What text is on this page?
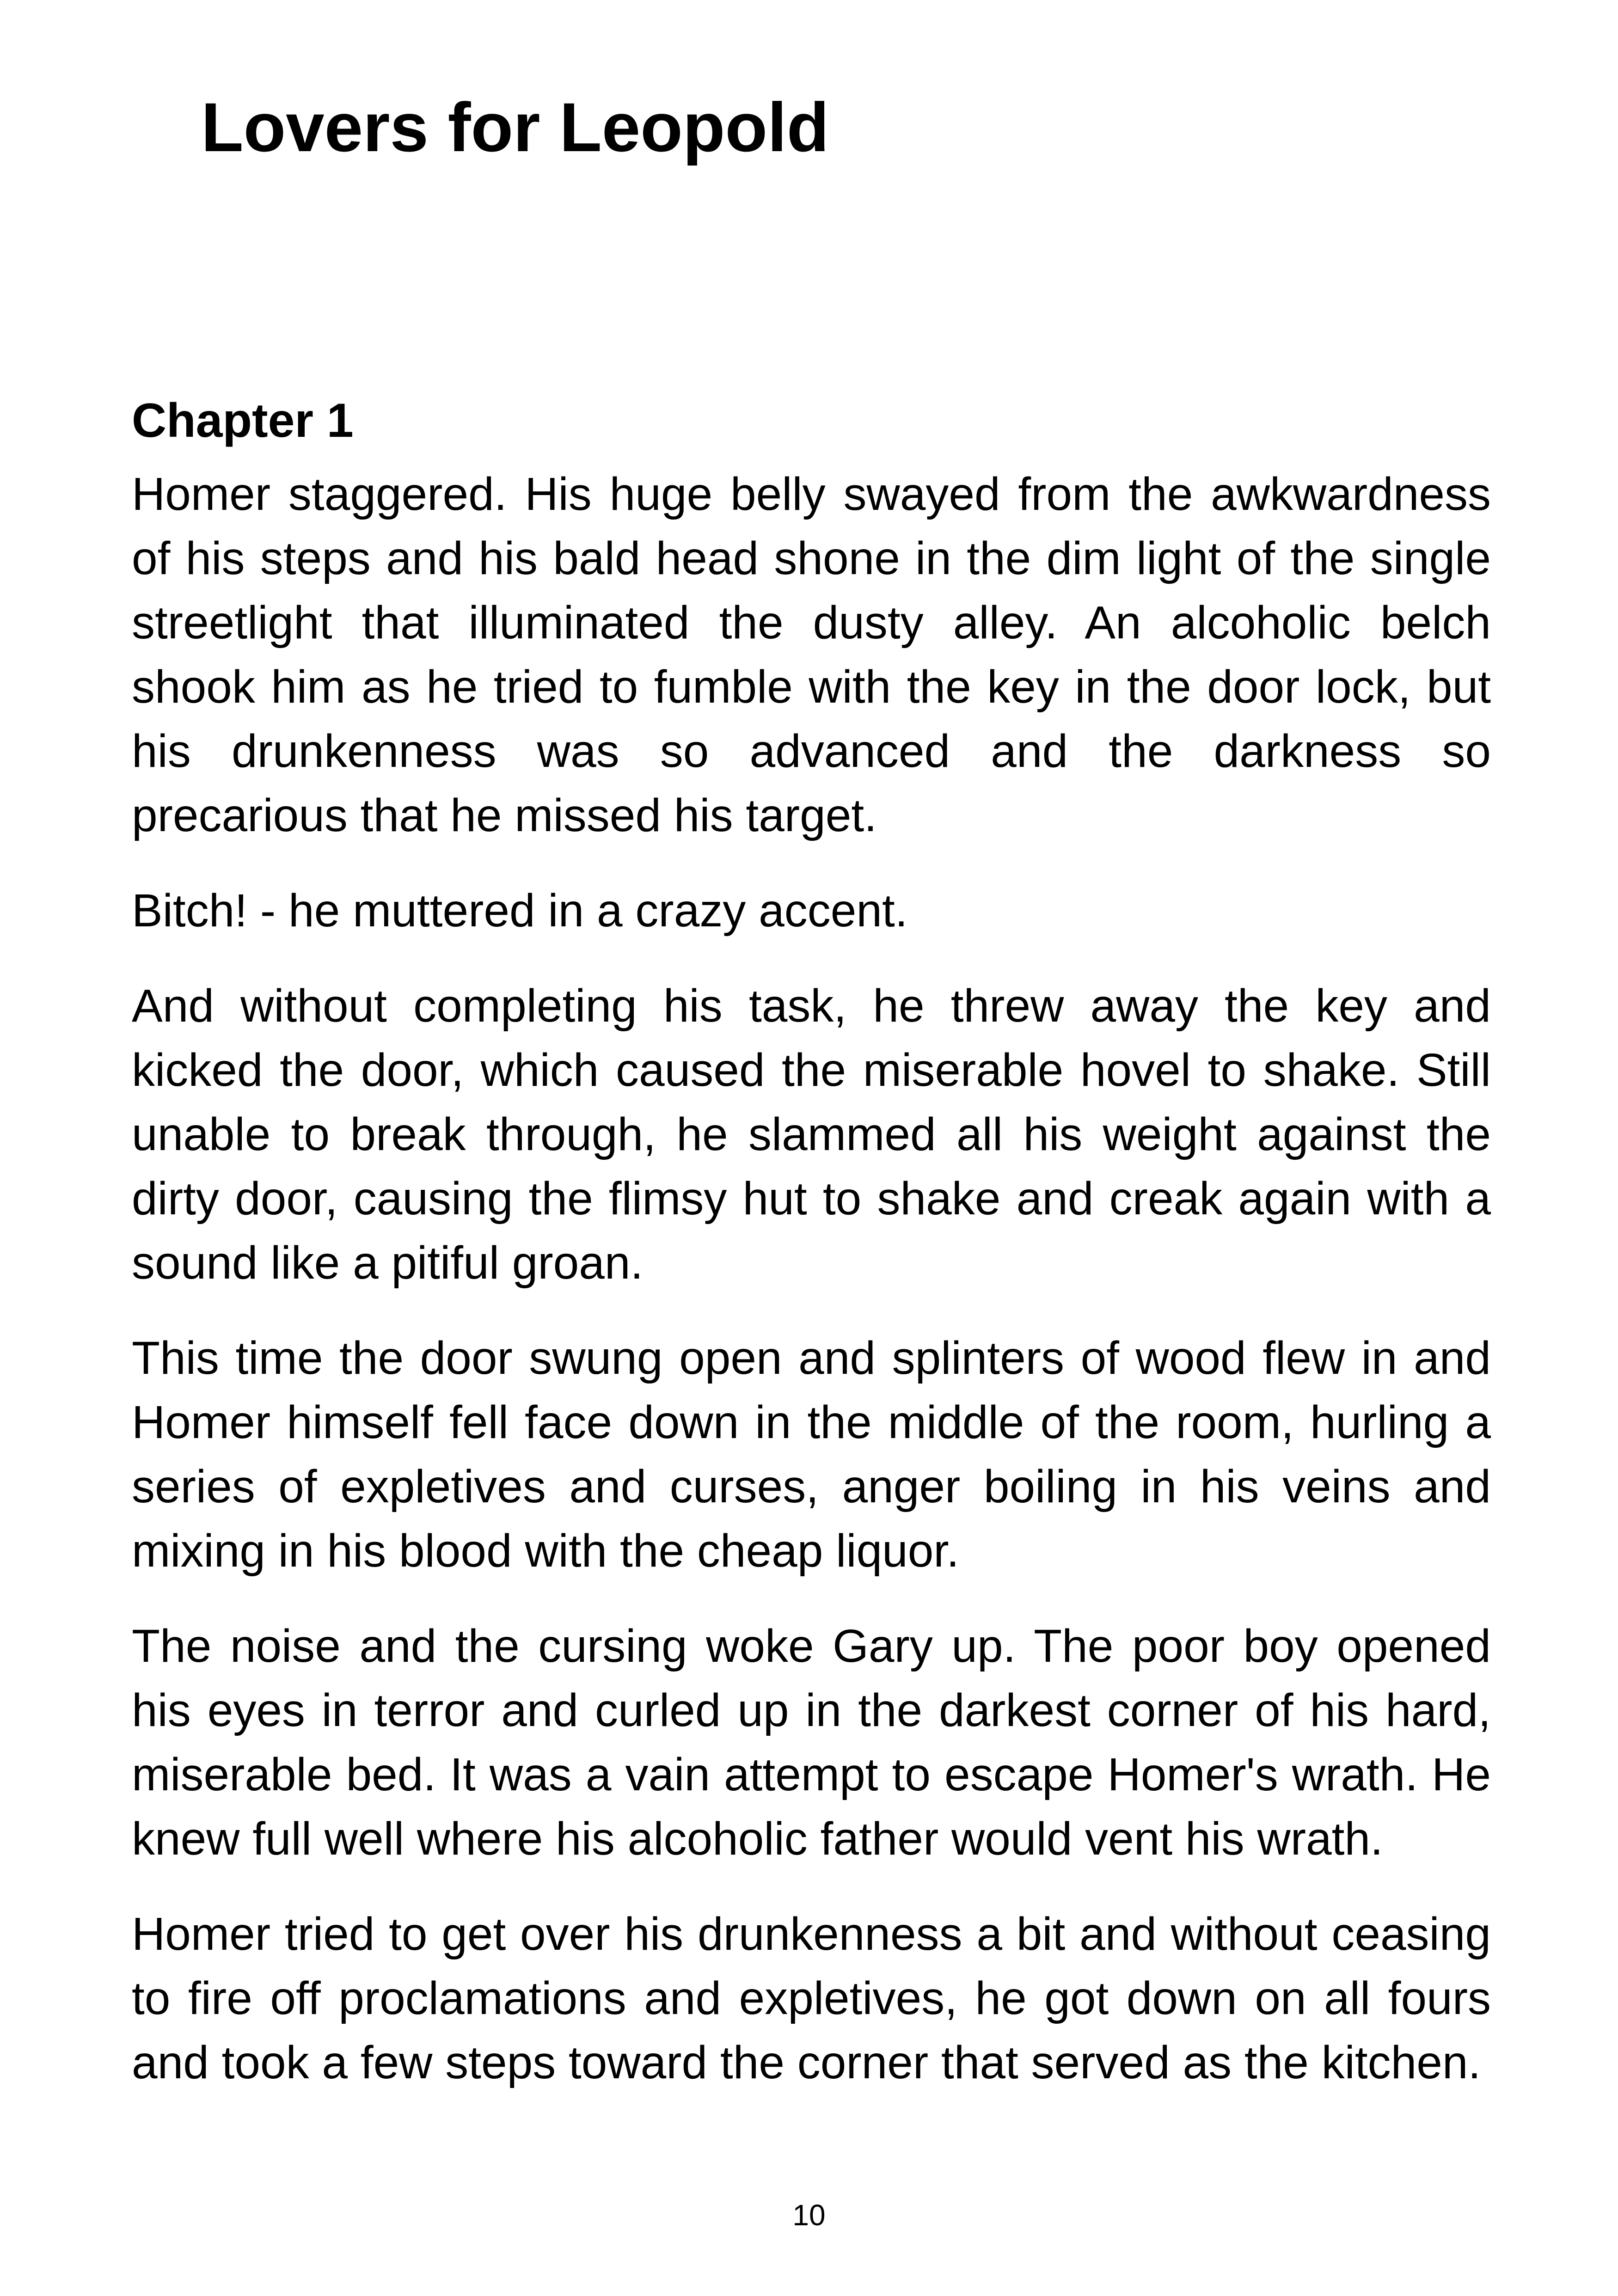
Lovers for Leopold
Chapter 1

Homer staggered. His huge belly swayed from the awkwardness of his steps and his bald head shone in the dim light of the single streetlight that illuminated the dusty alley. An alcoholic belch shook him as he tried to fumble with the key in the door lock, but his drunkenness was so advanced and the darkness so precarious that he missed his target.

Bitch! - he muttered in a crazy accent.

And without completing his task, he threw away the key and kicked the door, which caused the miserable hovel to shake. Still unable to break through, he slammed all his weight against the dirty door, causing the flimsy hut to shake and creak again with a sound like a pitiful groan.

This time the door swung open and splinters of wood flew in and Homer himself fell face down in the middle of the room, hurling a series of expletives and curses, anger boiling in his veins and mixing in his blood with the cheap liquor.

The noise and the cursing woke Gary up. The poor boy opened his eyes in terror and curled up in the darkest corner of his hard, miserable bed. It was a vain attempt to escape Homer's wrath. He knew full well where his alcoholic father would vent his wrath.

Homer tried to get over his drunkenness a bit and without ceasing to fire off proclamations and expletives, he got down on all fours and took a few steps toward the corner that served as the kitchen.

10
